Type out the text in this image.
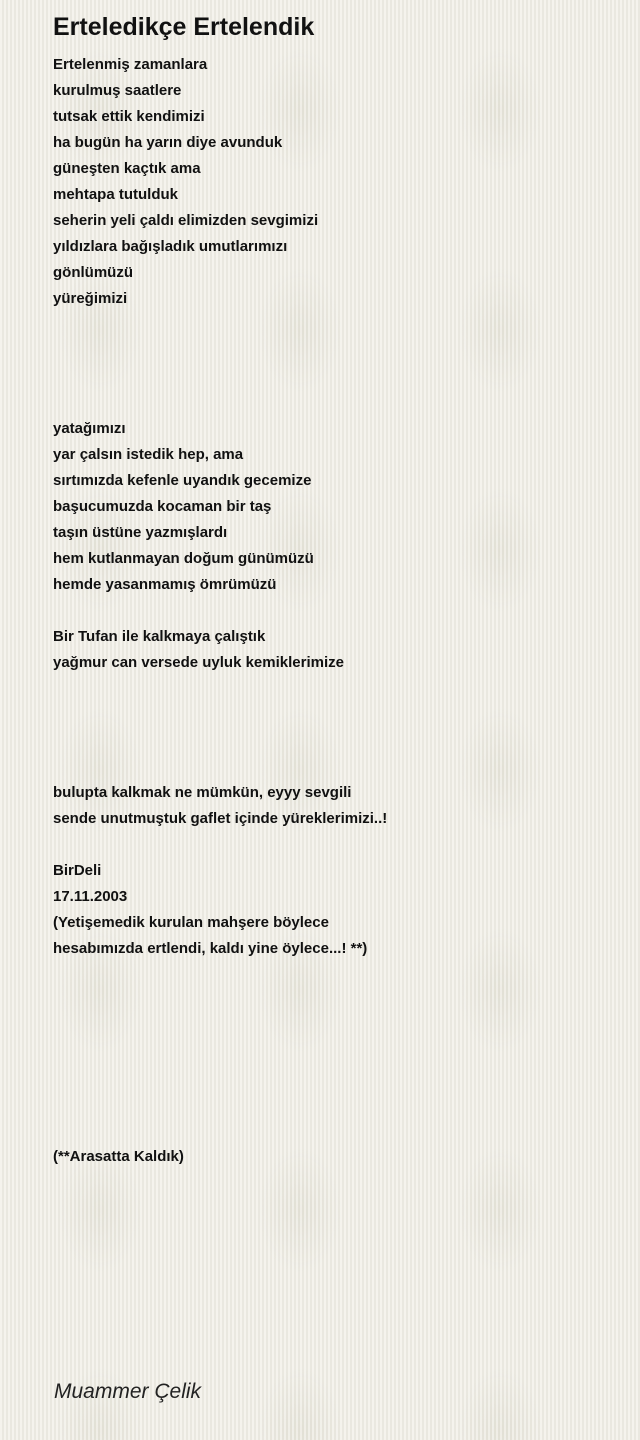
Erteledikçe Ertelendik
Ertelenmiş zamanlara
kurulmuş saatlere
tutsak ettik kendimizi
ha bugün ha yarın diye avunduk
güneşten kaçtık ama
mehtapa tutulduk
seherin yeli çaldı elimizden sevgimizi
yıldızlara bağışladık umutlarımızı
gönlümüzü
yüreğimizi
yatağımızı
yar çalsın istedik hep, ama
sırtımızda kefenle uyandık gecemize
başucumuzda kocaman bir taş
taşın üstüne yazmışlardı
hem kutlanmayan doğum günümüzü
hemde yasanmamış ömrümüzü
Bir Tufan ile kalkmaya çalıştık
yağmur can versede uyluk kemiklerimize
bulupta kalkmak ne mümkün, eyyy sevgili
sende unutmuştuk gaflet içinde yüreklerimizi..!
BirDeli
17.11.2003
(Yetişemedik kurulan mahşere böylece
hesabımızda ertlendi, kaldı yine öylece...! **)
(**Arasatta Kaldık)

Muammer Çelik
